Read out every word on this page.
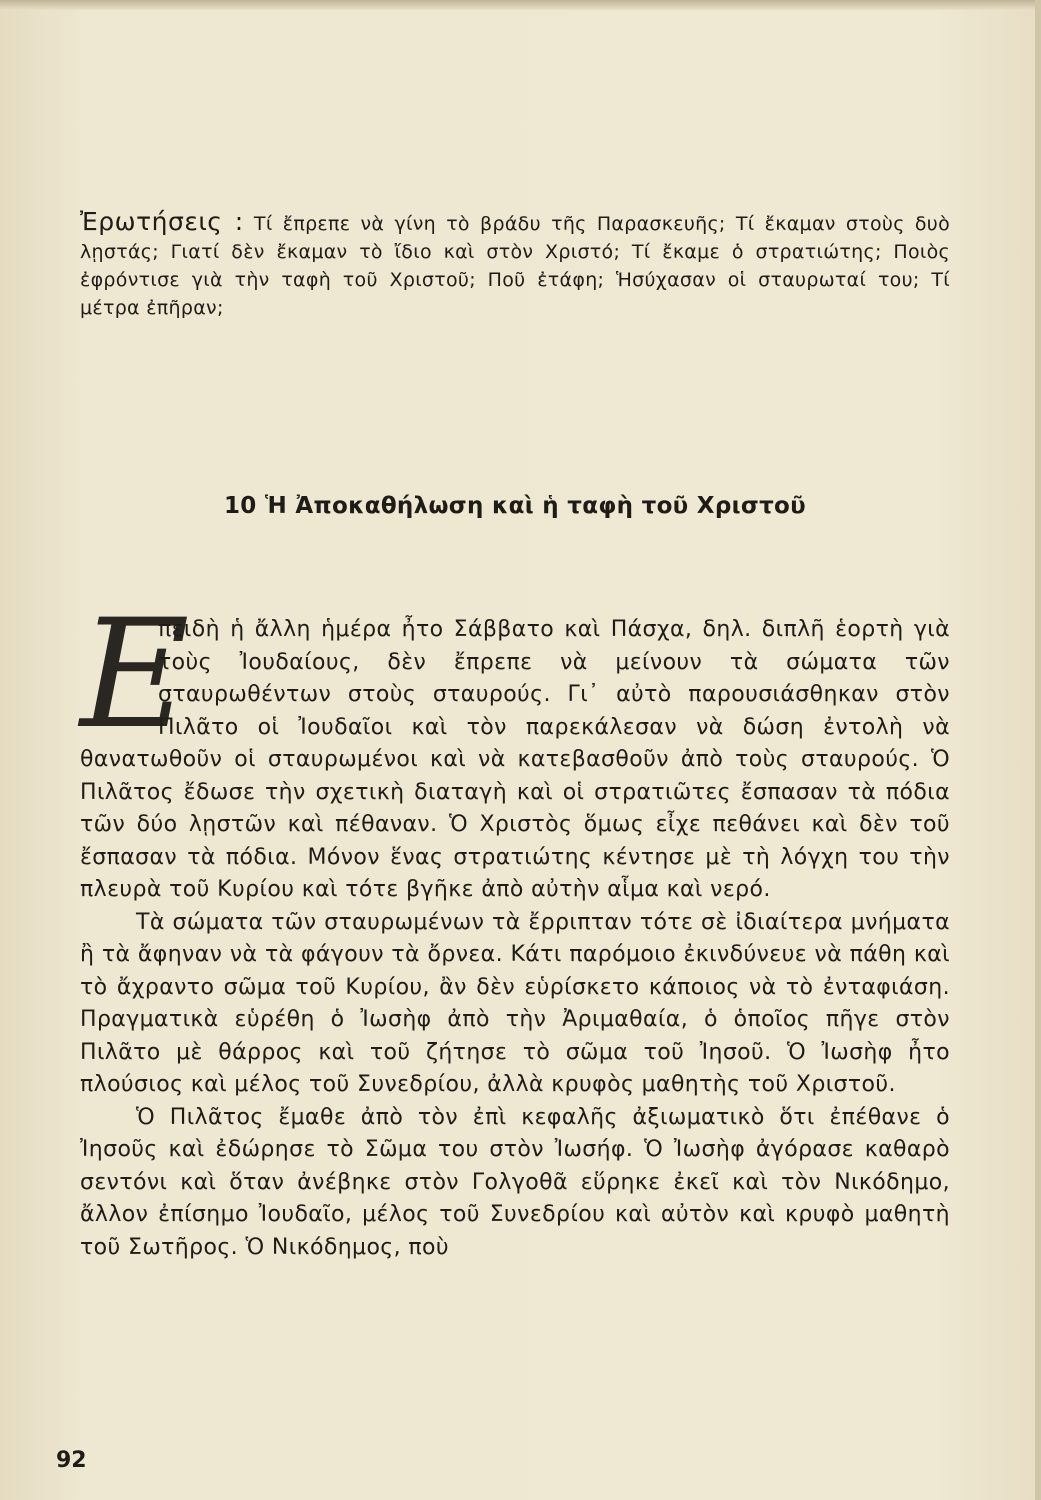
Ἐρωτήσεις : Τί ἔπρεπε νὰ γίνη τὸ βράδυ τῆς Παρασκευῆς; Τί ἔκαμαν στοὺς δυὸ λῃστάς; Γιατί δὲν ἔκαμαν τὸ ἴδιο καὶ στὸν Χριστό; Τί ἔκαμε ὁ στρατιώτης; Ποιὸς ἐφρόντισε γιὰ τὴν ταφὴ τοῦ Χριστοῦ; Ποῦ ἐτάφη; Ἡσύχασαν οἱ σταυρωταί του; Τί μέτρα ἐπῆραν;
10 Ἡ Ἀποκαθήλωση καὶ ἡ ταφὴ τοῦ Χριστοῦ

Ε
πειδὴ ἡ ἄλλη ἡμέρα ἦτο Σάββατο καὶ Πάσχα, δηλ. διπλῆ ἑορτὴ γιὰ τοὺς Ἰουδαίους, δὲν ἔπρεπε νὰ μείνουν τὰ σώματα τῶν σταυρωθέντων στοὺς σταυρούς. Γι᾽ αὐτὸ παρουσιάσθηκαν στὸν Πιλᾶτο οἱ Ἰουδαῖοι καὶ τὸν παρεκάλεσαν νὰ δώση ἐντολὴ νὰ θανατωθοῦν οἱ σταυρωμένοι καὶ νὰ κατεβασθοῦν ἀπὸ τοὺς σταυρούς. Ὁ Πιλᾶτος ἔδωσε τὴν σχετικὴ διαταγὴ καὶ οἱ στρατιῶτες ἔσπασαν τὰ πόδια τῶν δύο λῃστῶν καὶ πέθαναν. Ὁ Χριστὸς ὅμως εἶχε πεθάνει καὶ δὲν τοῦ ἔσπασαν τὰ πόδια. Μόνον ἕνας στρατιώτης κέντησε μὲ τὴ λόγχη του τὴν πλευρὰ τοῦ Κυρίου καὶ τότε βγῆκε ἀπὸ αὐτὴν αἷμα καὶ νερό.

Τὰ σώματα τῶν σταυρωμένων τὰ ἔρριπταν τότε σὲ ἰδιαίτερα μνήματα ἢ τὰ ἄφηναν νὰ τὰ φάγουν τὰ ὄρνεα. Κάτι παρόμοιο ἐκινδύνευε νὰ πάθη καὶ τὸ ἄχραντο σῶμα τοῦ Κυρίου, ἂν δὲν εὑρίσκετο κάποιος νὰ τὸ ἐνταφιάση. Πραγματικὰ εὑρέθη ὁ Ἰωσὴφ ἀπὸ τὴν Ἀριμαθαία, ὁ ὁποῖος πῆγε στὸν Πιλᾶτο μὲ θάρρος καὶ τοῦ ζήτησε τὸ σῶμα τοῦ Ἰησοῦ. Ὁ Ἰωσὴφ ἦτο πλούσιος καὶ μέλος τοῦ Συνεδρίου, ἀλλὰ κρυφὸς μαθητὴς τοῦ Χριστοῦ.

Ὁ Πιλᾶτος ἔμαθε ἀπὸ τὸν ἐπὶ κεφαλῆς ἀξιωματικὸ ὅτι ἐπέθανε ὁ Ἰησοῦς καὶ ἐδώρησε τὸ Σῶμα του στὸν Ἰωσήφ. Ὁ Ἰωσὴφ ἀγόρασε καθαρὸ σεντόνι καὶ ὅταν ἀνέβηκε στὸν Γολγοθᾶ εὕρηκε ἐκεῖ καὶ τὸν Νικόδημο, ἄλλον ἐπίσημο Ἰουδαῖο, μέλος τοῦ Συνεδρίου καὶ αὐτὸν καὶ κρυφὸ μαθητὴ τοῦ Σωτῆρος. Ὁ Νικόδημος, ποὺ

92
